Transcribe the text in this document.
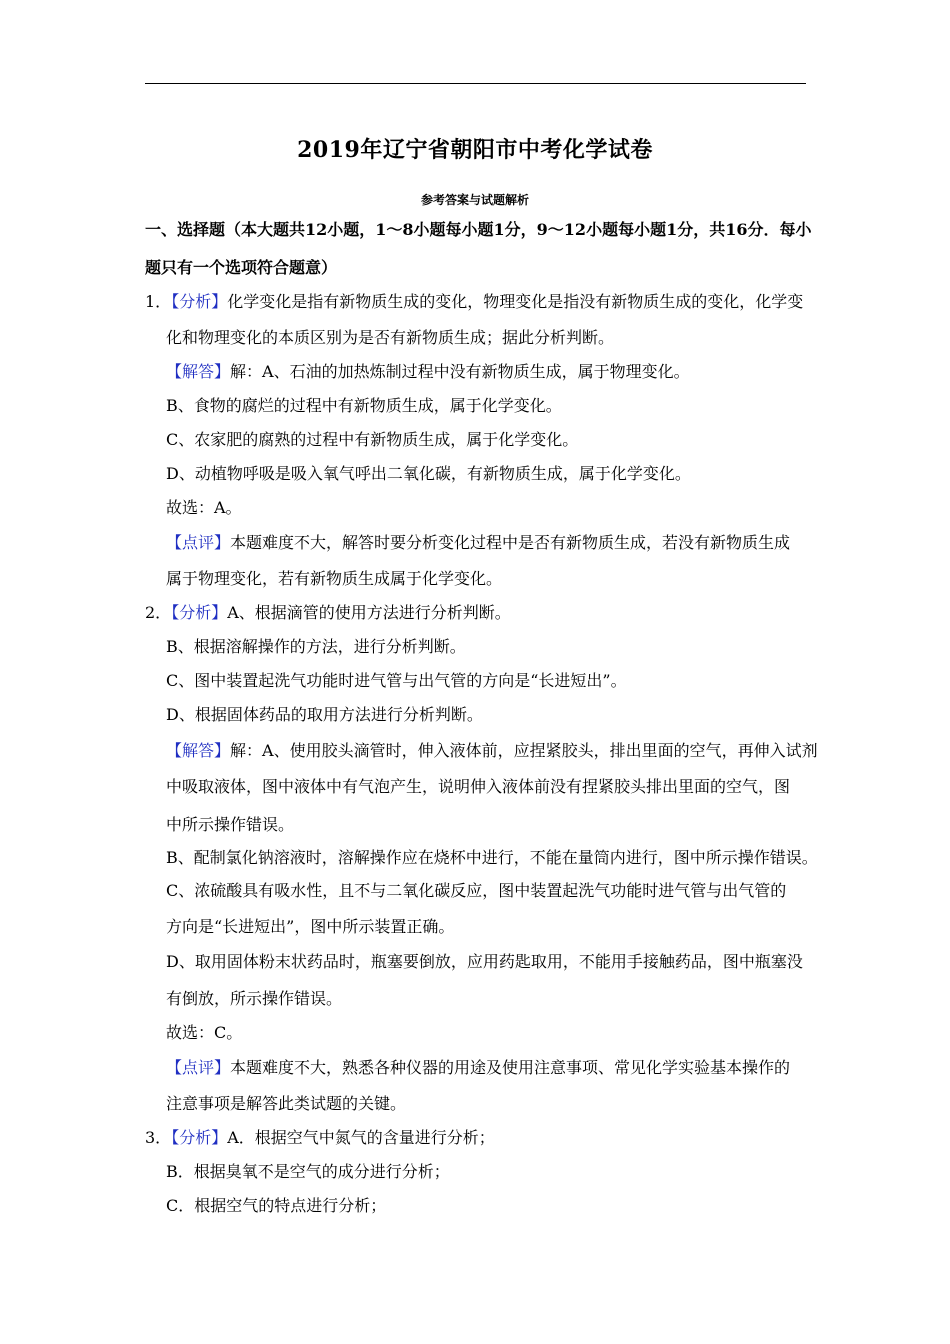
2019年辽宁省朝阳市中考化学试卷
参考答案与试题解析
一、选择题（本大题共12小题，1～8小题每小题1分，9～12小题每小题1分，共16分．每小
题只有一个选项符合题意）
1．【分析】化学变化是指有新物质生成的变化，物理变化是指没有新物质生成的变化，化学变
化和物理变化的本质区别为是否有新物质生成；据此分析判断。
【解答】解：A、石油的加热炼制过程中没有新物质生成，属于物理变化。
B、食物的腐烂的过程中有新物质生成，属于化学变化。
C、农家肥的腐熟的过程中有新物质生成，属于化学变化。
D、动植物呼吸是吸入氧气呼出二氧化碳，有新物质生成，属于化学变化。
故选：A。
【点评】本题难度不大，解答时要分析变化过程中是否有新物质生成，若没有新物质生成
属于物理变化，若有新物质生成属于化学变化。
2．【分析】A、根据滴管的使用方法进行分析判断。
B、根据溶解操作的方法，进行分析判断。
C、图中装置起洗气功能时进气管与出气管的方向是“长进短出”。
D、根据固体药品的取用方法进行分析判断。
【解答】解：A、使用胶头滴管时，伸入液体前，应捏紧胶头，排出里面的空气，再伸入试剂
中吸取液体，图中液体中有气泡产生，说明伸入液体前没有捏紧胶头排出里面的空气，图
中所示操作错误。
B、配制氯化钠溶液时，溶解操作应在烧杯中进行，不能在量筒内进行，图中所示操作错误。
C、浓硫酸具有吸水性，且不与二氧化碳反应，图中装置起洗气功能时进气管与出气管的
方向是“长进短出”，图中所示装置正确。
D、取用固体粉末状药品时，瓶塞要倒放，应用药匙取用，不能用手接触药品，图中瓶塞没
有倒放，所示操作错误。
故选：C。
【点评】本题难度不大，熟悉各种仪器的用途及使用注意事项、常见化学实验基本操作的
注意事项是解答此类试题的关键。
3．【分析】A．根据空气中氮气的含量进行分析；
B．根据臭氧不是空气的成分进行分析；
C．根据空气的特点进行分析；
